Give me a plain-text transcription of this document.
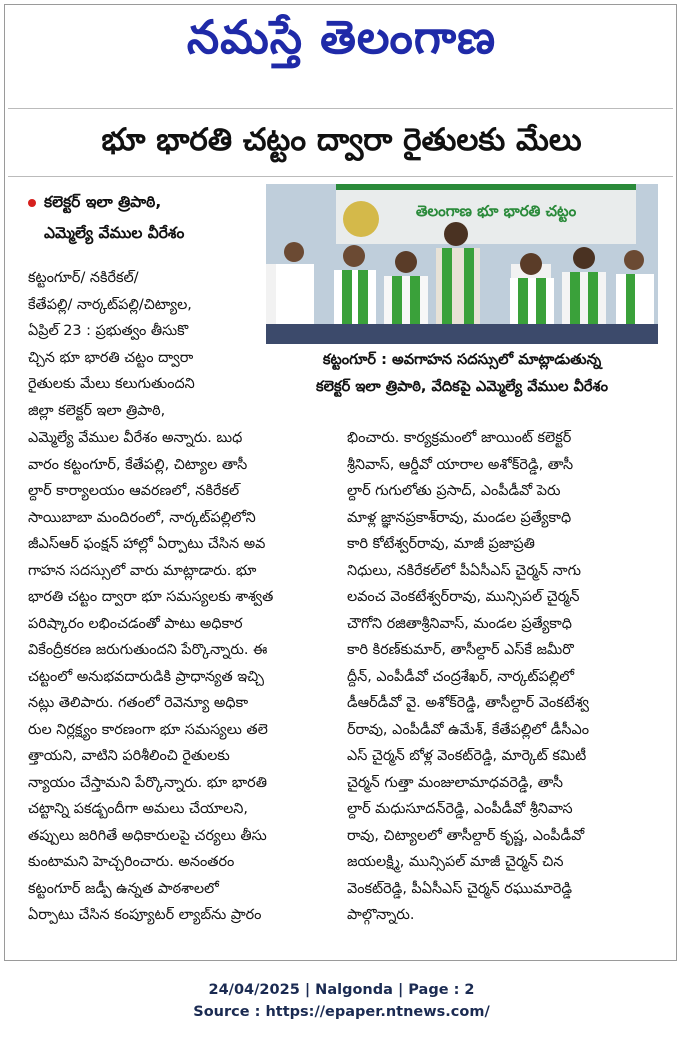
నమస్తే తెలంగాణ
భూ భారతి చట్టం ద్వారా రైతులకు మేలు
కలెక్టర్ ఇలా త్రిపాఠి,
ఎమ్మెల్యే వేముల వీరేశం
తెలంగాణ భూ భారతి చట్టం
కట్టంగూర్ : అవగాహన సదస్సులో మాట్లాడుతున్న
కలెక్టర్ ఇలా త్రిపాఠి, వేదికపై ఎమ్మెల్యే వేముల వీరేశం

కట్టంగూర్/ నకిరేకల్/

కేతేపల్లి/ నార్కట్‌పల్లి/చిట్యాల,

ఏప్రిల్ 23 : ప్రభుత్వం తీసుకొ

చ్చిన భూ భారతి చట్టం ద్వారా

రైతులకు మేలు కలుగుతుందని

జిల్లా కలెక్టర్ ఇలా త్రిపాఠి,

ఎమ్మెల్యే వేముల వీరేశం అన్నారు. బుధ

వారం కట్టంగూర్, కేతేపల్లి, చిట్యాల తాసీ

ల్దార్ కార్యాలయం ఆవరణలో, నకిరేకల్

సాయిబాబా మందిరంలో, నార్కట్‌పల్లిలోని

జీఎస్‌ఆర్ ఫంక్షన్ హాల్లో ఏర్పాటు చేసిన అవ

గాహన సదస్సులో వారు మాట్లాడారు. భూ

భారతి చట్టం ద్వారా భూ సమస్యలకు శాశ్వత

పరిష్కారం లభించడంతో పాటు అధికార

వికేంద్రీకరణ జరుగుతుందని పేర్కొన్నారు. ఈ

చట్టంలో అనుభవదారుడికి ప్రాధాన్యత ఇచ్చి

నట్లు తెలిపారు. గతంలో రెవెన్యూ అధికా

రుల నిర్లక్ష్యం కారణంగా భూ సమస్యలు తలె

త్తాయని, వాటిని పరిశీలించి రైతులకు

న్యాయం చేస్తామని పేర్కొన్నారు. భూ భారతి

చట్టాన్ని పకడ్బందీగా అమలు చేయాలని,

తప్పులు జరిగితే అధికారులపై చర్యలు తీసు

కుంటామని హెచ్చరించారు. అనంతరం

కట్టంగూర్ జడ్పీ ఉన్నత పాఠశాలలో

ఏర్పాటు చేసిన కంప్యూటర్ ల్యాబ్‌ను ప్రారం

భించారు. కార్యక్రమంలో జాయింట్ కలెక్టర్

శ్రీనివాస్, ఆర్డీవో యారాల అశోక్‌రెడ్డి, తాసీ

ల్దార్ గుగులోతు ప్రసాద్, ఎంపీడీవో పెరు

మాళ్ల జ్ఞానప్రకాశ్‌రావు, మండల ప్రత్యేకాధి

కారి కోటేశ్వర్‌రావు, మాజీ ప్రజాప్రతి

నిధులు, నకిరేకల్‌లో పీఏసీఎస్ చైర్మన్ నాగు

లవంచ వెంకటేశ్వర్‌రావు, మున్సిపల్ చైర్మన్

చౌగోని రజితాశ్రీనివాస్, మండల ప్రత్యేకాధి

కారి కిరణ్‌కుమార్, తాసీల్దార్ ఎస్‌కే జమీరొ

ద్దీన్, ఎంపీడీవో చంద్రశేఖర్, నార్కట్‌పల్లిలో

డీఆర్‌డీవో వై. అశోక్‌రెడ్డి, తాసీల్దార్ వెంకటేశ్వ

ర్‌రావు, ఎంపీడీవో ఉమేశ్, కేతేపల్లిలో డీసీఎం

ఎస్ చైర్మన్ బోళ్ల వెంకట్‌రెడ్డి, మార్కెట్ కమిటీ

చైర్మన్ గుత్తా మంజులామాధవరెడ్డి, తాసీ

ల్దార్ మధుసూదన్‌రెడ్డి, ఎంపీడీవో శ్రీనివాస

రావు, చిట్యాలలో తాసీల్దార్ కృష్ణ, ఎంపీడీవో

జయలక్ష్మి, మున్సిపల్ మాజీ చైర్మన్ చిన

వెంకట్‌రెడ్డి, పీఏసీఎస్ చైర్మన్ రఘుమారెడ్డి

పాల్గొన్నారు.

24/04/2025 | Nalgonda | Page : 2
Source : https://epaper.ntnews.com/
